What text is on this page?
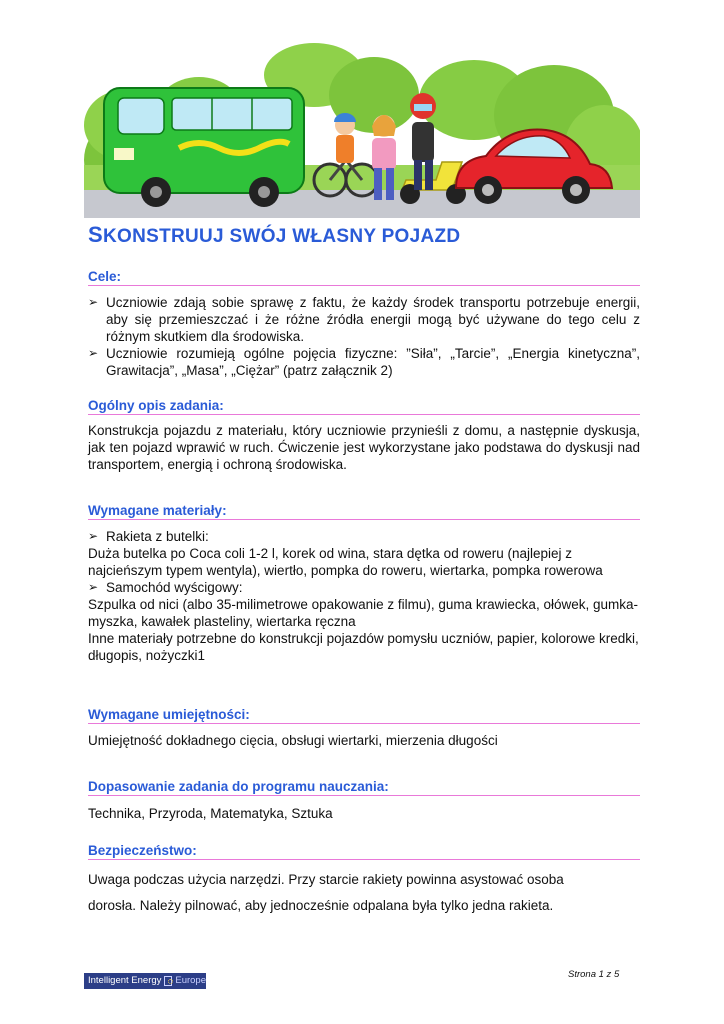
SKONSTRUUJ SWÓJ WŁASNY POJAZD
Cele:
➢ Uczniowie zdają sobie sprawę z faktu, że każdy środek transportu potrzebuje energii, aby się przemieszczać i że różne źródła energii mogą być używane do tego celu z różnym skutkiem dla środowiska.
➢ Uczniowie rozumieją ogólne pojęcia fizyczne: ”Siła”, „Tarcie”, „Energia kinetyczna”, Grawitacja”, „Masa”, „Ciężar” (patrz załącznik 2)
Ogólny opis zadania:
Konstrukcja pojazdu z materiału, który uczniowie przynieśli z domu, a następnie dyskusja, jak ten pojazd wprawić w ruch. Ćwiczenie jest wykorzystane jako podstawa do dyskusji nad transportem, energią i ochroną środowiska.
Wymagane materiały:
➢ Rakieta z butelki:
Duża butelka po Coca coli 1-2 l, korek od wina, stara dętka od roweru (najlepiej z najcieńszym typem wentyla), wiertło, pompka do roweru, wiertarka, pompka rowerowa
➢ Samochód wyścigowy:
Szpulka od nici (albo 35-milimetrowe opakowanie z filmu), guma krawiecka, ołówek, gumka-myszka, kawałek plasteliny, wiertarka ręczna
Inne materiały potrzebne do konstrukcji pojazdów pomysłu uczniów, papier, kolorowe kredki, długopis, nożyczki1
Wymagane umiejętności:
Umiejętność dokładnego cięcia, obsługi wiertarki, mierzenia długości
Dopasowanie zadania do programu nauczania:
Technika, Przyroda, Matematyka, Sztuka
Bezpieczeństwo:
Uwaga podczas użycia narzędzi. Przy starcie rakiety powinna asystować osoba
dorosła. Należy pilnować, aby jednocześnie odpalana była tylko jedna rakieta.
Intelligent Energy Europe
Strona 1 z 5
